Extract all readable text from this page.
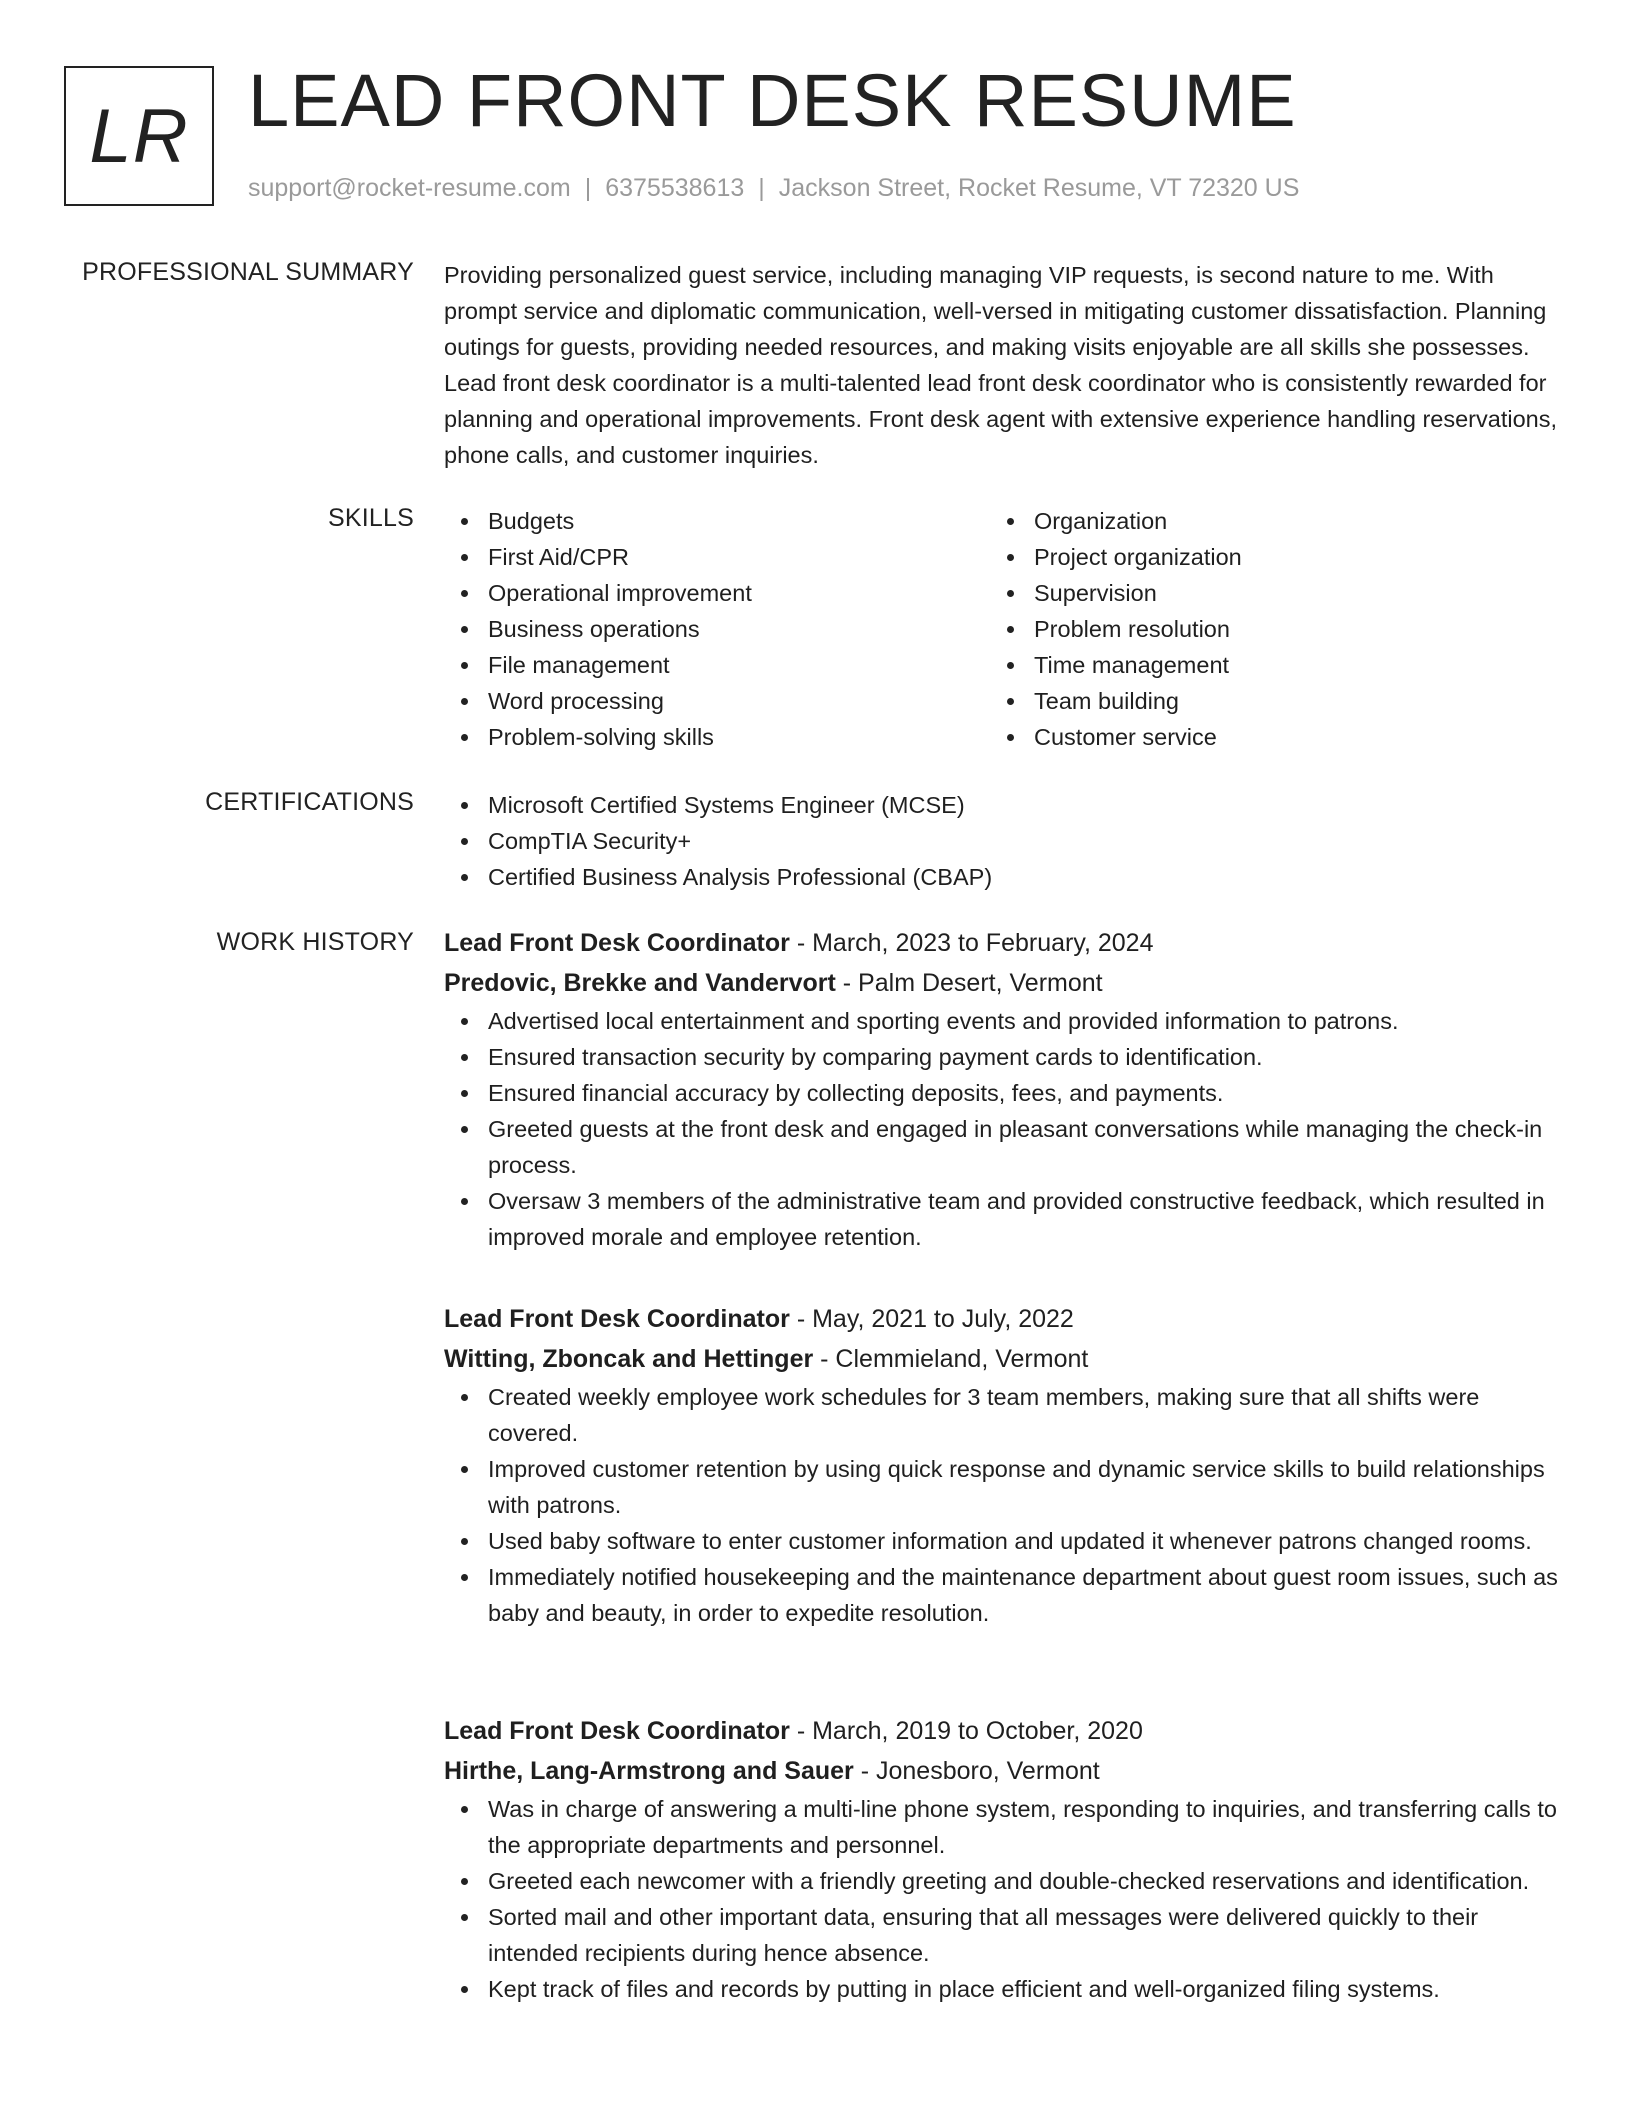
LR LEAD FRONT DESK RESUME
support@rocket-resume.com | 6375538613 | Jackson Street, Rocket Resume, VT 72320 US
PROFESSIONAL SUMMARY Providing personalized guest service, including managing VIP requests, is second nature to me. With prompt service and diplomatic communication, well-versed in mitigating customer dissatisfaction. Planning outings for guests, providing needed resources, and making visits enjoyable are all skills she possesses. Lead front desk coordinator is a multi-talented lead front desk coordinator who is consistently rewarded for planning and operational improvements. Front desk agent with extensive experience handling reservations, phone calls, and customer inquiries.

SKILLS	Budgets
First Aid/CPR
Operational improvement
Business operations
File management
Word processing
Problem-solving skills
Organization
Project organization
Supervision
Problem resolution
Time management
Team building
Customer service
CERTIFICATIONS	Microsoft Certified Systems Engineer (MCSE)
CompTIA Security+
Certified Business Analysis Professional (CBAP)
WORK HISTORY Lead Front Desk Coordinator - March, 2023 to February, 2024
Predovic, Brekke and Vandervort - Palm Desert, Vermont
Advertised local entertainment and sporting events and provided information to patrons.
Ensured transaction security by comparing payment cards to identification.
Ensured financial accuracy by collecting deposits, fees, and payments.
Greeted guests at the front desk and engaged in pleasant conversations while managing the check-in process.
Oversaw 3 members of the administrative team and provided constructive feedback, which resulted in improved morale and employee retention.
Lead Front Desk Coordinator - May, 2021 to July, 2022
Witting, Zboncak and Hettinger - Clemmieland, Vermont
Created weekly employee work schedules for 3 team members, making sure that all shifts were covered.
Improved customer retention by using quick response and dynamic service skills to build relationships with patrons.
Used baby software to enter customer information and updated it whenever patrons changed rooms.
Immediately notified housekeeping and the maintenance department about guest room issues, such as baby and beauty, in order to expedite resolution.
Lead Front Desk Coordinator - March, 2019 to October, 2020
Hirthe, Lang-Armstrong and Sauer - Jonesboro, Vermont
Was in charge of answering a multi-line phone system, responding to inquiries, and transferring calls to the appropriate departments and personnel.
Greeted each newcomer with a friendly greeting and double-checked reservations and identification.
Sorted mail and other important data, ensuring that all messages were delivered quickly to their intended recipients during hence absence.
Kept track of files and records by putting in place efficient and well-organized filing systems.
